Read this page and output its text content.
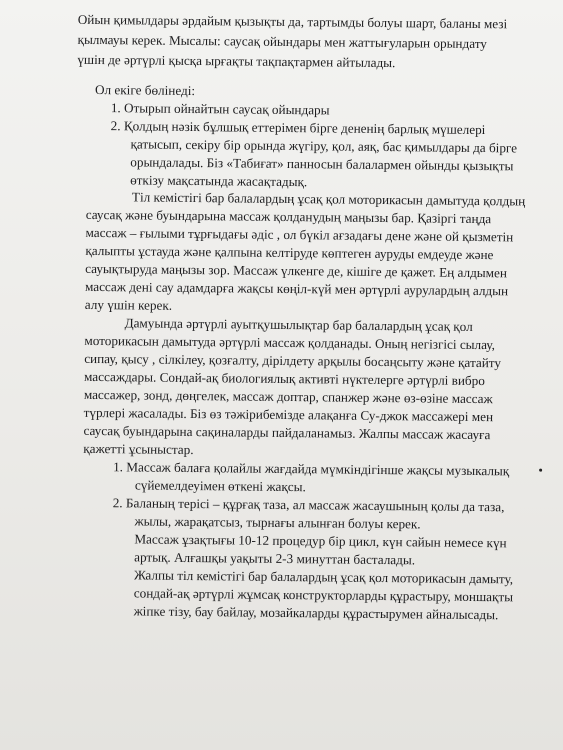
Ойын қимылдары әрдайым қызықты да, тартымды болуы шарт, баланы мезі
қылмауы керек. Мысалы: саусақ ойындары мен жаттығуларын орындату
үшін де әртүрлі қысқа ырғақты тақпақтармен айтылады.
Ол екіге бөлінеді:
1. Отырып ойнайтын саусақ ойындары
2. Қолдың нәзік бұлшық еттерімен бірге дененің барлық мүшелері
қатысып, секіру бір орында жүгіру, қол, аяқ, бас қимылдары да бірге
орындалады. Біз «Табиғат» панносын балалармен ойынды қызықты
өткізу мақсатында жасақтадық.
Тіл кемістігі бар балалардың ұсақ қол моторикасын дамытуда қолдың
саусақ және буындарына массаж қолданудың маңызы бар. Қазіргі таңда
массаж – ғылыми тұрғыдағы әдіс , ол бүкіл ағзадағы дене және ой қызметін
қалыпты ұстауда және қалпына келтіруде көптеген ауруды емдеуде және
сауықтыруда маңызы зор. Массаж үлкенге де, кішіге де қажет. Ең алдымен
массаж дені сау адамдарға жақсы көңіл-күй мен әртүрлі аурулардың алдын
алу үшін керек.
Дамуында әртүрлі ауытқушылықтар бар балалардың ұсақ қол
моторикасын дамытуда әртүрлі массаж қолданады. Оның негізгісі сылау,
сипау, қысу , сілкілеу, қозғалту, дірілдету арқылы босаңсыту және қатайту
массаждары. Сондай-ақ биологиялық активті нүктелерге әртүрлі вибро
массажер, зонд, дөңгелек, массаж доптар, спанжер және өз-өзіне массаж
түрлері жасалады. Біз өз тәжірибемізде алақанға Су-джок массажері мен
саусақ буындарына сақиналарды пайдаланамыз. Жалпы массаж жасауға
қажетті ұсыныстар.
1. Массаж балаға қолайлы жағдайда мүмкіндігінше жақсы музыкалық
сүйемелдеуімен өткені жақсы.
2. Баланың терісі – құрғақ таза, ал массаж жасаушының қолы да таза,
жылы, жарақатсыз, тырнағы алынған болуы керек.
Массаж ұзақтығы 10-12 процедур бір цикл, күн сайын немесе күн
артық. Алғашқы уақыты 2-3 минуттан басталады.
Жалпы тіл кемістігі бар балалардың ұсақ қол моторикасын дамыту,
сондай-ақ әртүрлі жұмсақ конструкторларды құрастыру, моншақты
жіпке тізу, бау байлау, мозайкаларды құрастырумен айналысады.
